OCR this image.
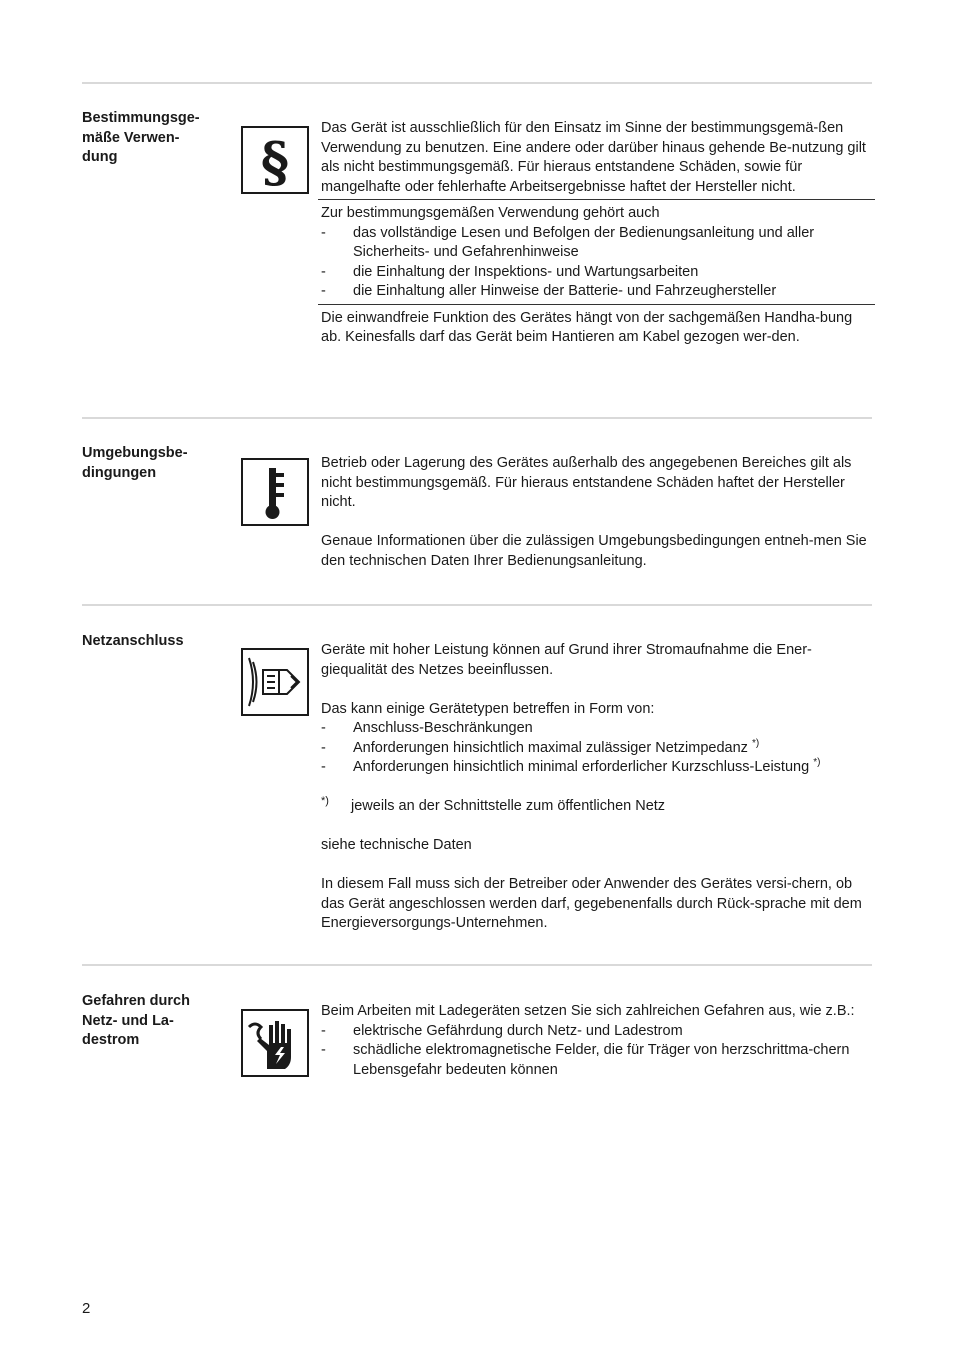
Bestimmungsge-
mäße Verwen-
dung	§

Das Gerät ist ausschließlich für den Einsatz im Sinne der bestimmungsgemä-ßen Verwendung zu benutzen. Eine andere oder darüber hinaus gehende Be-nutzung gilt als nicht bestimmungsgemäß. Für hieraus entstandene Schäden, sowie für mangelhafte oder fehlerhafte Arbeitsergebnisse haftet der Hersteller nicht.

Zur bestimmungsgemäßen Verwendung gehört auch

- das vollständige Lesen und Befolgen der Bedienungsanleitung und aller Sicherheits- und Gefahrenhinweise
- die Einhaltung der Inspektions- und Wartungsarbeiten
- die Einhaltung aller Hinweise der Batterie- und Fahrzeughersteller

Die einwandfreie Funktion des Gerätes hängt von der sachgemäßen Handha-bung ab. Keinesfalls darf das Gerät beim Hantieren am Kabel gezogen wer-den.

Umgebungsbe-
dingungen

Betrieb oder Lagerung des Gerätes außerhalb des angegebenen Bereiches gilt als nicht bestimmungsgemäß. Für hieraus entstandene Schäden haftet der Hersteller nicht.

Genaue Informationen über die zulässigen Umgebungsbedingungen entneh-men Sie den technischen Daten Ihrer Bedienungsanleitung.

Netzanschluss

Geräte mit hoher Leistung können auf Grund ihrer Stromaufnahme die Ener-giequalität des Netzes beeinflussen.

Das kann einige Gerätetypen betreffen in Form von:

- Anschluss-Beschränkungen
- Anforderungen hinsichtlich maximal zulässiger Netzimpedanz *)
- Anforderungen hinsichtlich minimal erforderlicher Kurzschluss-Leistung *)
*) jeweils an der Schnittstelle zum öffentlichen Netz

siehe technische Daten

In diesem Fall muss sich der Betreiber oder Anwender des Gerätes versi-chern, ob das Gerät angeschlossen werden darf, gegebenenfalls durch Rück-sprache mit dem Energieversorgungs-Unternehmen.

Gefahren durch
Netz- und La-
destrom

Beim Arbeiten mit Ladegeräten setzen Sie sich zahlreichen Gefahren aus, wie z.B.:

- elektrische Gefährdung durch Netz- und Ladestrom
- schädliche elektromagnetische Felder, die für Träger von herzschrittma-chern Lebensgefahr bedeuten können
2
